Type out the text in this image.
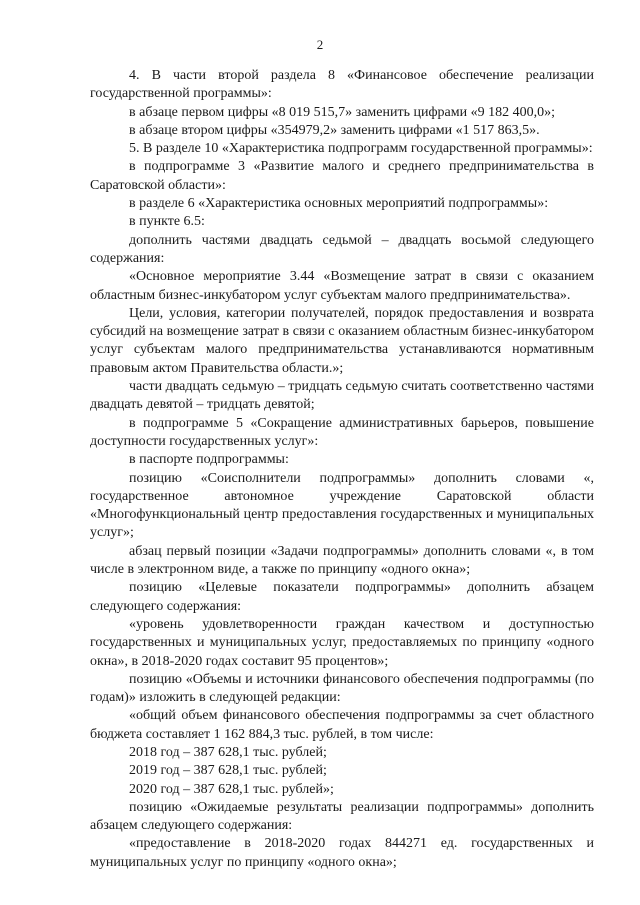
2

4. В части второй раздела 8 «Финансовое обеспечение реализации государственной программы»:

в абзаце первом цифры «8 019 515,7» заменить цифрами «9 182 400,0»;

в абзаце втором цифры «354979,2» заменить цифрами «1 517 863,5».

5. В разделе 10 «Характеристика подпрограмм государственной программы»:

в подпрограмме 3 «Развитие малого и среднего предпринимательства в Саратовской области»:

в разделе 6 «Характеристика основных мероприятий подпрограммы»:

в пункте 6.5:

дополнить частями двадцать седьмой – двадцать восьмой следующего содержания:

«Основное мероприятие 3.44 «Возмещение затрат в связи с оказанием областным бизнес-инкубатором услуг субъектам малого предпринимательства».

Цели, условия, категории получателей, порядок предоставления и возврата субсидий на возмещение затрат в связи с оказанием областным бизнес-инкубатором услуг субъектам малого предпринимательства устанавливаются нормативным правовым актом Правительства области.»;

части двадцать седьмую – тридцать седьмую считать соответственно частями двадцать девятой – тридцать девятой;

в подпрограмме 5 «Сокращение административных барьеров, повышение доступности государственных услуг»:

в паспорте подпрограммы:

позицию «Соисполнители подпрограммы» дополнить словами «, государственное автономное учреждение Саратовской области «Многофункциональный центр предоставления государственных и муниципальных услуг»;

абзац первый позиции «Задачи подпрограммы» дополнить словами «, в том числе в электронном виде, а также по принципу «одного окна»;

позицию «Целевые показатели подпрограммы» дополнить абзацем следующего содержания:

«уровень удовлетворенности граждан качеством и доступностью государственных и муниципальных услуг, предоставляемых по принципу «одного окна», в 2018-2020 годах составит 95 процентов»;

позицию «Объемы и источники финансового обеспечения подпрограммы (по годам)» изложить в следующей редакции:

«общий объем финансового обеспечения подпрограммы за счет областного бюджета составляет 1 162 884,3 тыс. рублей, в том числе:

2018 год – 387 628,1 тыс. рублей;

2019 год – 387 628,1 тыс. рублей;

2020 год – 387 628,1 тыс. рублей»;

позицию «Ожидаемые результаты реализации подпрограммы» дополнить абзацем следующего содержания:

«предоставление в 2018-2020 годах 844271 ед. государственных и муниципальных услуг по принципу «одного окна»;
